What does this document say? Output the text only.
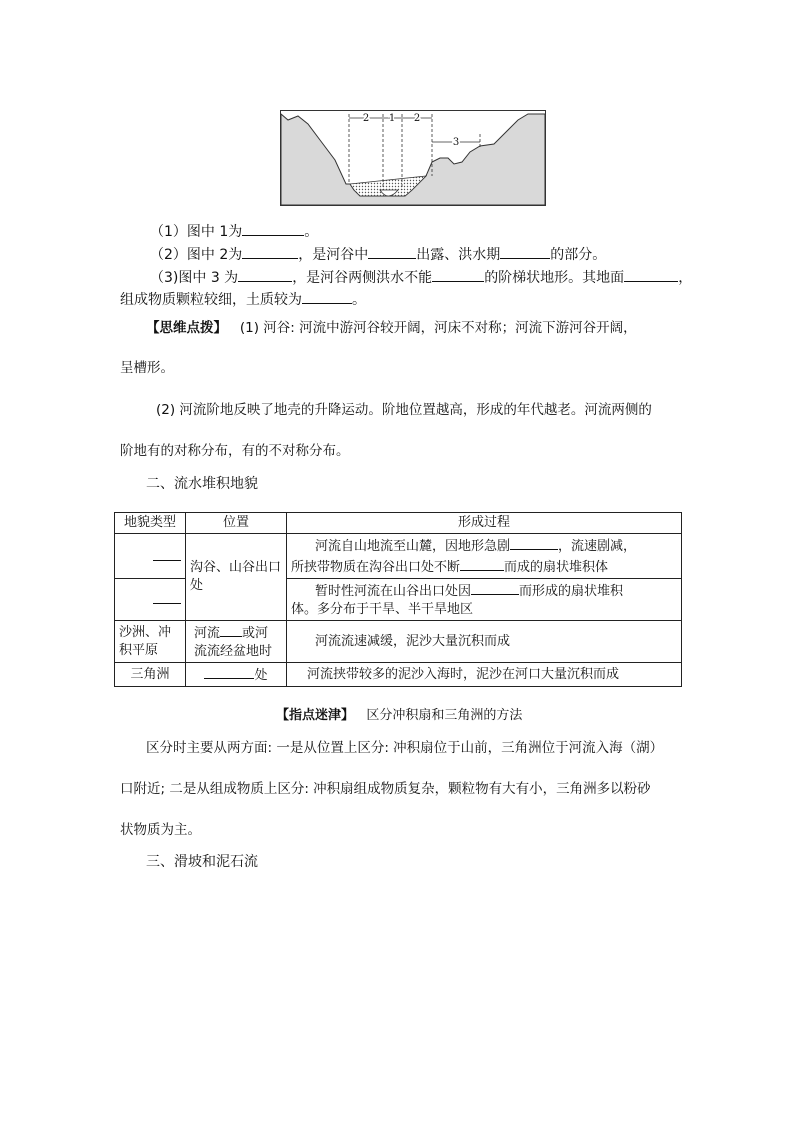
2 1 2
3
（1）图中 1为	。
（2）图中 2为	，是河谷中	出露、洪水期	的部分。
（3)图中 3 为	，是河谷两侧洪水不能	的阶梯状地形。其地面	，
组成物质颗粒较细，土质较为	。
【思维点拨】 (1) 河谷: 河流中游河谷较开阔，河床不对称；河流下游河谷开阔，
呈槽形。
(2) 河流阶地反映了地壳的升降运动。阶地位置越高，形成的年代越老。河流两侧的
阶地有的对称分布，有的不对称分布。
二、流水堆积地貌
地貌类型	位置	形成过程
	沟谷、山谷出口处	河流自山地流至山麓，因地形急剧 ，流速剧减，
所挟带物质在沟谷出口处不断 而成的扇状堆积体
		暂时性河流在山谷出口处因 而形成的扇状堆积
体。多分布于干旱、半干旱地区
沙洲、冲积平原	河流 或河
流流经盆地时	河流流速减缓，泥沙大量沉积而成
三角洲	处	河流挟带较多的泥沙入海时，泥沙在河口大量沉积而成
【指点迷津】 区分冲积扇和三角洲的方法
区分时主要从两方面: 一是从位置上区分: 冲积扇位于山前，三角洲位于河流入海（湖）
口附近; 二是从组成物质上区分: 冲积扇组成物质复杂，颗粒物有大有小，三角洲多以粉砂
状物质为主。
三、滑坡和泥石流
